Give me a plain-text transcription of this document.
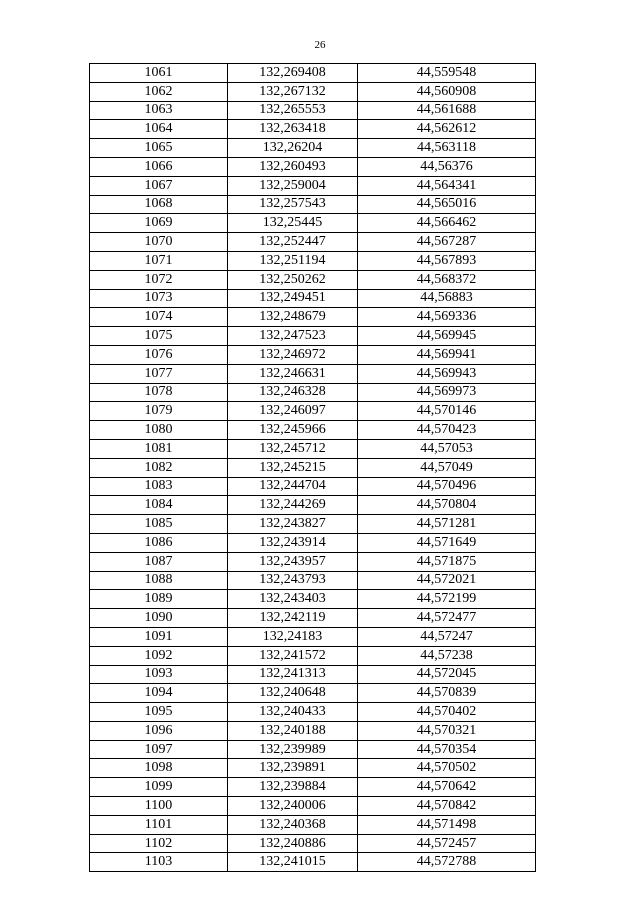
26
1061	132,269408	44,559548
1062	132,267132	44,560908
1063	132,265553	44,561688
1064	132,263418	44,562612
1065	132,26204	44,563118
1066	132,260493	44,56376
1067	132,259004	44,564341
1068	132,257543	44,565016
1069	132,25445	44,566462
1070	132,252447	44,567287
1071	132,251194	44,567893
1072	132,250262	44,568372
1073	132,249451	44,56883
1074	132,248679	44,569336
1075	132,247523	44,569945
1076	132,246972	44,569941
1077	132,246631	44,569943
1078	132,246328	44,569973
1079	132,246097	44,570146
1080	132,245966	44,570423
1081	132,245712	44,57053
1082	132,245215	44,57049
1083	132,244704	44,570496
1084	132,244269	44,570804
1085	132,243827	44,571281
1086	132,243914	44,571649
1087	132,243957	44,571875
1088	132,243793	44,572021
1089	132,243403	44,572199
1090	132,242119	44,572477
1091	132,24183	44,57247
1092	132,241572	44,57238
1093	132,241313	44,572045
1094	132,240648	44,570839
1095	132,240433	44,570402
1096	132,240188	44,570321
1097	132,239989	44,570354
1098	132,239891	44,570502
1099	132,239884	44,570642
1100	132,240006	44,570842
1101	132,240368	44,571498
1102	132,240886	44,572457
1103	132,241015	44,572788
